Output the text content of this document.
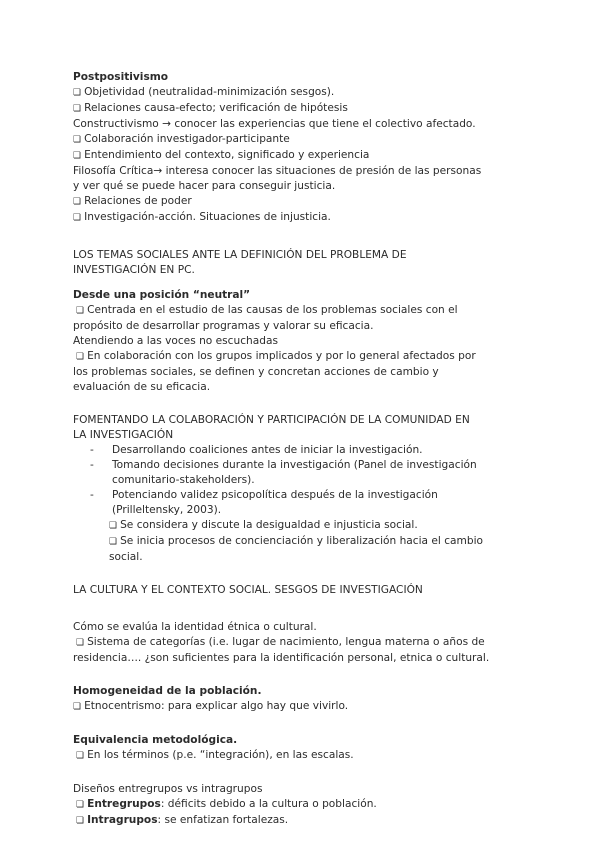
Postpositivismo
❏ Objetividad (neutralidad-minimización sesgos).
❏ Relaciones causa-efecto; verificación de hipótesis
Constructivismo → conocer las experiencias que tiene el colectivo afectado.
❏ Colaboración investigador-participante
❏ Entendimiento del contexto, significado y experiencia
Filosofía Crítica→ interesa conocer las situaciones de presión de las personas
y ver qué se puede hacer para conseguir justicia.
❏ Relaciones de poder
❏ Investigación-acción. Situaciones de injusticia.
LOS TEMAS SOCIALES ANTE LA DEFINICIÓN DEL PROBLEMA DE
INVESTIGACIÓN EN PC.
Desde una posición “neutral”
❏ Centrada en el estudio de las causas de los problemas sociales con el
propósito de desarrollar programas y valorar su eficacia.
Atendiendo a las voces no escuchadas
❏ En colaboración con los grupos implicados y por lo general afectados por
los problemas sociales, se definen y concretan acciones de cambio y
evaluación de su eficacia.
FOMENTANDO LA COLABORACIÓN Y PARTICIPACIÓN DE LA COMUNIDAD EN
LA INVESTIGACIÓN
-	Desarrollando coaliciones antes de iniciar la investigación.
-	Tomando decisiones durante la investigación (Panel de investigación
comunitario-stakeholders).
-	Potenciando validez psicopolítica después de la investigación
(Prilleltensky, 2003).
❏ Se considera y discute la desigualdad e injusticia social.
❏ Se inicia procesos de concienciación y liberalización hacia el cambio
social.
LA CULTURA Y EL CONTEXTO SOCIAL. SESGOS DE INVESTIGACIÓN
Cómo se evalúa la identidad étnica o cultural.
❏ Sistema de categorías (i.e. lugar de nacimiento, lengua materna o años de
residencia…. ¿son suficientes para la identificación personal, etnica o cultural.
Homogeneidad de la población.
❏ Etnocentrismo: para explicar algo hay que vivirlo.
Equivalencia metodológica.
❏ En los términos (p.e. “integración), en las escalas.
Diseños entregrupos vs intragrupos
❏ Entregrupos: déficits debido a la cultura o población.
❏ Intragrupos: se enfatizan fortalezas.
